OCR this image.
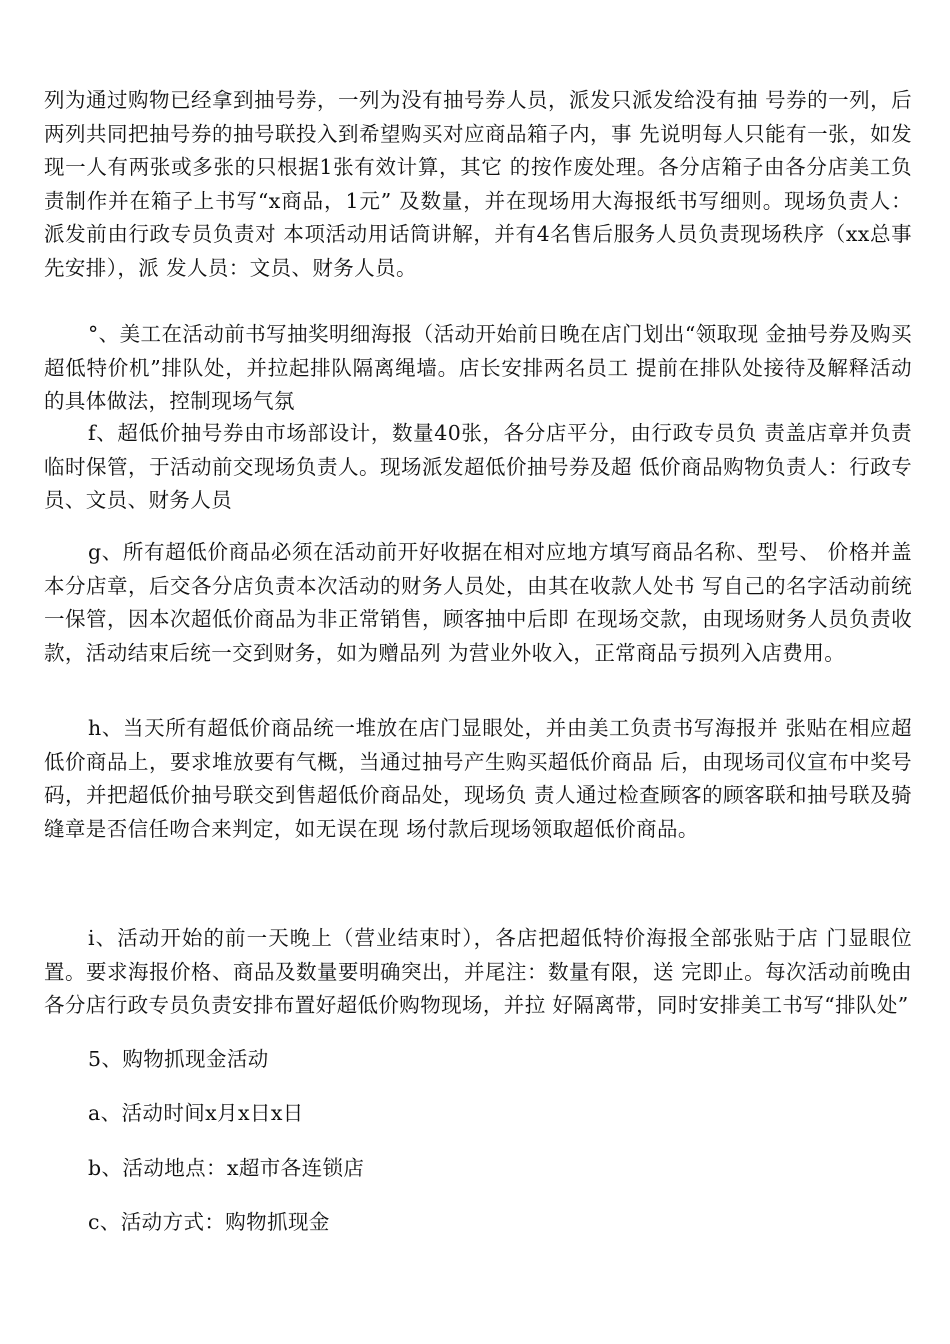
列为通过购物已经拿到抽号券，一列为没有抽号券人员，派发只派发给没有抽 号券的一列，后两列共同把抽号券的抽号联投入到希望购买对应商品箱子内，事 先说明每人只能有一张，如发现一人有两张或多张的只根据1张有效计算，其它 的按作废处理。各分店箱子由各分店美工负责制作并在箱子上书写“x商品，1元” 及数量，并在现场用大海报纸书写细则。现场负责人：派发前由行政专员负责对 本项活动用话筒讲解，并有4名售后服务人员负责现场秩序（xx总事先安排），派 发人员：文员、财务人员。

°、美工在活动前书写抽奖明细海报（活动开始前日晚在店门划出“领取现 金抽号券及购买超低特价机”排队处，并拉起排队隔离绳墙。店长安排两名员工 提前在排队处接待及解释活动的具体做法，控制现场气氛

f、超低价抽号券由市场部设计，数量40张，各分店平分，由行政专员负 责盖店章并负责临时保管，于活动前交现场负责人。现场派发超低价抽号券及超 低价商品购物负责人：行政专员、文员、财务人员

g、所有超低价商品必须在活动前开好收据在相对应地方填写商品名称、型号、 价格并盖本分店章，后交各分店负责本次活动的财务人员处，由其在收款人处书 写自己的名字活动前统一保管，因本次超低价商品为非正常销售，顾客抽中后即 在现场交款，由现场财务人员负责收款，活动结束后统一交到财务，如为赠品列 为营业外收入，正常商品亏损列入店费用。

h、当天所有超低价商品统一堆放在店门显眼处，并由美工负责书写海报并 张贴在相应超低价商品上，要求堆放要有气概，当通过抽号产生购买超低价商品 后，由现场司仪宣布中奖号码，并把超低价抽号联交到售超低价商品处，现场负 责人通过检查顾客的顾客联和抽号联及骑缝章是否信任吻合来判定，如无误在现 场付款后现场领取超低价商品。

i、活动开始的前一天晚上（营业结束时），各店把超低特价海报全部张贴于店 门显眼位置。要求海报价格、商品及数量要明确突出，并尾注：数量有限，送 完即止。每次活动前晚由各分店行政专员负责安排布置好超低价购物现场，并拉 好隔离带，同时安排美工书写“排队处”

5、购物抓现金活动

a、活动时间x月x日x日

b、活动地点：x超市各连锁店

c、活动方式：购物抓现金
